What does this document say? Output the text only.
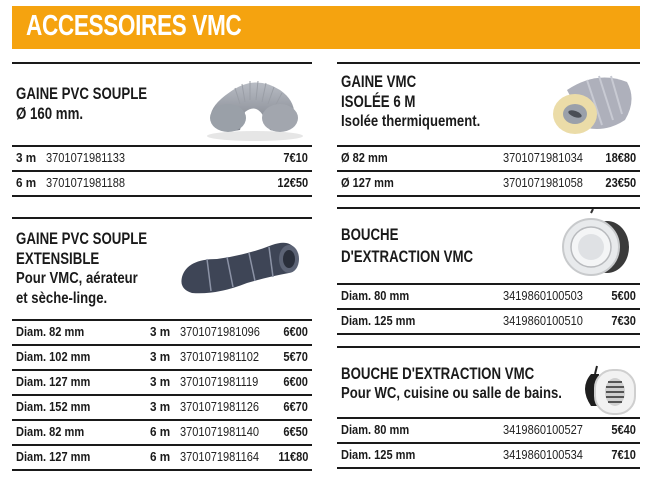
ACCESSOIRES VMC
GAINE PVC SOUPLE
Ø 160 mm.
3 m 3701071981133	7€10
6 m 3701071981188	12€50
GAINE VMC
ISOLÉE 6 M
Isolée thermiquement.
Ø 82 mm	3701071981034 18€80
Ø 127 mm	3701071981058 23€50
GAINE PVC SOUPLE
EXTENSIBLE
Pour VMC, aérateur
et sèche-linge.
Diam. 82 mm	3 m 3701071981096 6€00
Diam. 102 mm	3 m 3701071981102 5€70
Diam. 127 mm	3 m 3701071981119 6€00
Diam. 152 mm	3 m 3701071981126 6€70
Diam. 82 mm	6 m 3701071981140 6€50
Diam. 127 mm	6 m 3701071981164 11€80
BOUCHE
D'EXTRACTION VMC
Diam. 80 mm	3419860100503 5€00
Diam. 125 mm	3419860100510 7€30
BOUCHE D'EXTRACTION VMC
Pour WC, cuisine ou salle de bains.
Diam. 80 mm	3419860100527 5€40
Diam. 125 mm	3419860100534 7€10
